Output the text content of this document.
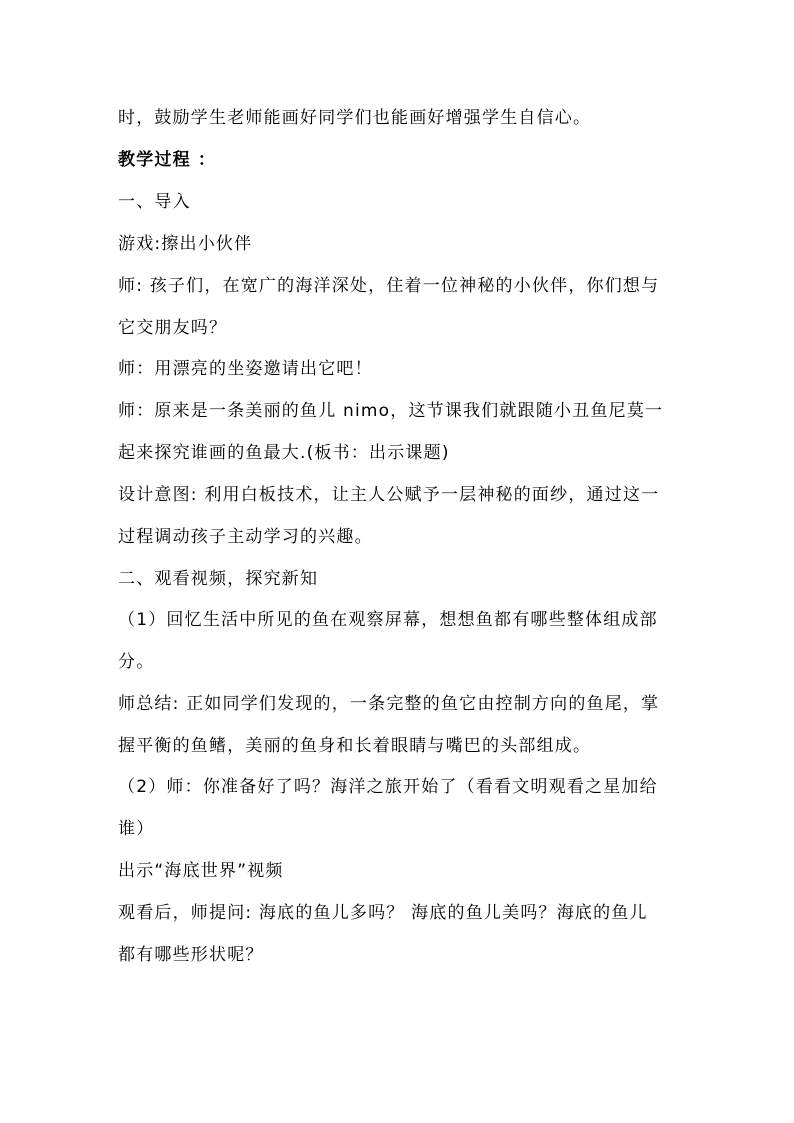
时，鼓励学生老师能画好同学们也能画好增强学生自信心。
教学过程 ：
一、导入
游戏:擦出小伙伴
师: 孩子们，在宽广的海洋深处，住着一位神秘的小伙伴，你们想与
它交朋友吗？
师：用漂亮的坐姿邀请出它吧！
师：原来是一条美丽的鱼儿 nimo，这节课我们就跟随小丑鱼尼莫一
起来探究谁画的鱼最大.(板书：出示课题)
设计意图: 利用白板技术，让主人公赋予一层神秘的面纱，通过这一
过程调动孩子主动学习的兴趣。
二、观看视频，探究新知
（1）回忆生活中所见的鱼在观察屏幕，想想鱼都有哪些整体组成部
分。
师总结: 正如同学们发现的，一条完整的鱼它由控制方向的鱼尾，掌
握平衡的鱼鳍，美丽的鱼身和长着眼睛与嘴巴的头部组成。
（2）师：你准备好了吗？海洋之旅开始了（看看文明观看之星加给
谁）
出示“海底世界”视频
观看后，师提问: 海底的鱼儿多吗？ 海底的鱼儿美吗？海底的鱼儿
都有哪些形状呢？
